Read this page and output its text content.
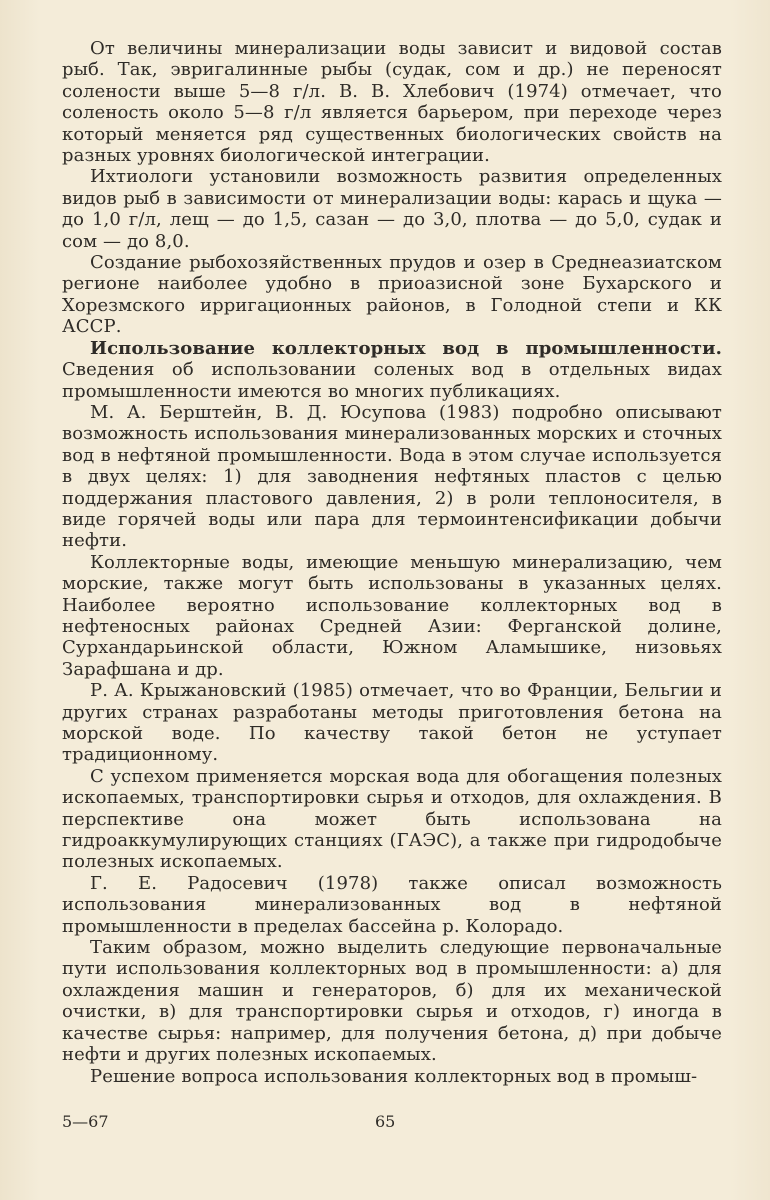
От величины минерализации воды зависит и видовой состав рыб. Так, эвригалинные рыбы (судак, сом и др.) не переносят солености выше 5—8 г/л. В. В. Хлебович (1974) отмечает, что соленость около 5—8 г/л является барьером, при переходе через который меняется ряд существенных биологических свойств на разных уровнях биологической интеграции.

Ихтиологи установили возможность развития определенных видов рыб в зависимости от минерализации воды: карась и щука — до 1,0 г/л, лещ — до 1,5, сазан — до 3,0, плотва — до 5,0, судак и сом — до 8,0.

Создание рыбохозяйственных прудов и озер в Среднеазиатском регионе наиболее удобно в приоазисной зоне Бухарского и Хорезмского ирригационных районов, в Голодной степи и КК АССР.

Использование коллекторных вод в промышленности. Сведения об использовании соленых вод в отдельных видах промышленности имеются во многих публикациях.

М. А. Берштейн, В. Д. Юсупова (1983) подробно описывают возможность использования минерализованных морских и сточных вод в нефтяной промышленности. Вода в этом случае используется в двух целях: 1) для заводнения нефтяных пластов с целью поддержания пластового давления, 2) в роли теплоносителя, в виде горячей воды или пара для термоинтенсификации добычи нефти.

Коллекторные воды, имеющие меньшую минерализацию, чем морские, также могут быть использованы в указанных целях. Наиболее вероятно использование коллекторных вод в нефтеносных районах Средней Азии: Ферганской долине, Сурхандарьинской области, Южном Аламышике, низовьях Зарафшана и др.

Р. А. Крыжановский (1985) отмечает, что во Франции, Бельгии и других странах разработаны методы приготовления бетона на морской воде. По качеству такой бетон не уступает традиционному.

С успехом применяется морская вода для обогащения полезных ископаемых, транспортировки сырья и отходов, для охлаждения. В перспективе она может быть использована на гидроаккумулирующих станциях (ГАЭС), а также при гидродобыче полезных ископаемых.

Г. Е. Радосевич (1978) также описал возможность использования минерализованных вод в нефтяной промышленности в пределах бассейна р. Колорадо.

Таким образом, можно выделить следующие первоначальные пути использования коллекторных вод в промышленности: а) для охлаждения машин и генераторов, б) для их механической очистки, в) для транспортировки сырья и отходов, г) иногда в качестве сырья: например, для получения бетона, д) при добыче нефти и других полезных ископаемых.

Решение вопроса использования коллекторных вод в промыш-

5—67	65
